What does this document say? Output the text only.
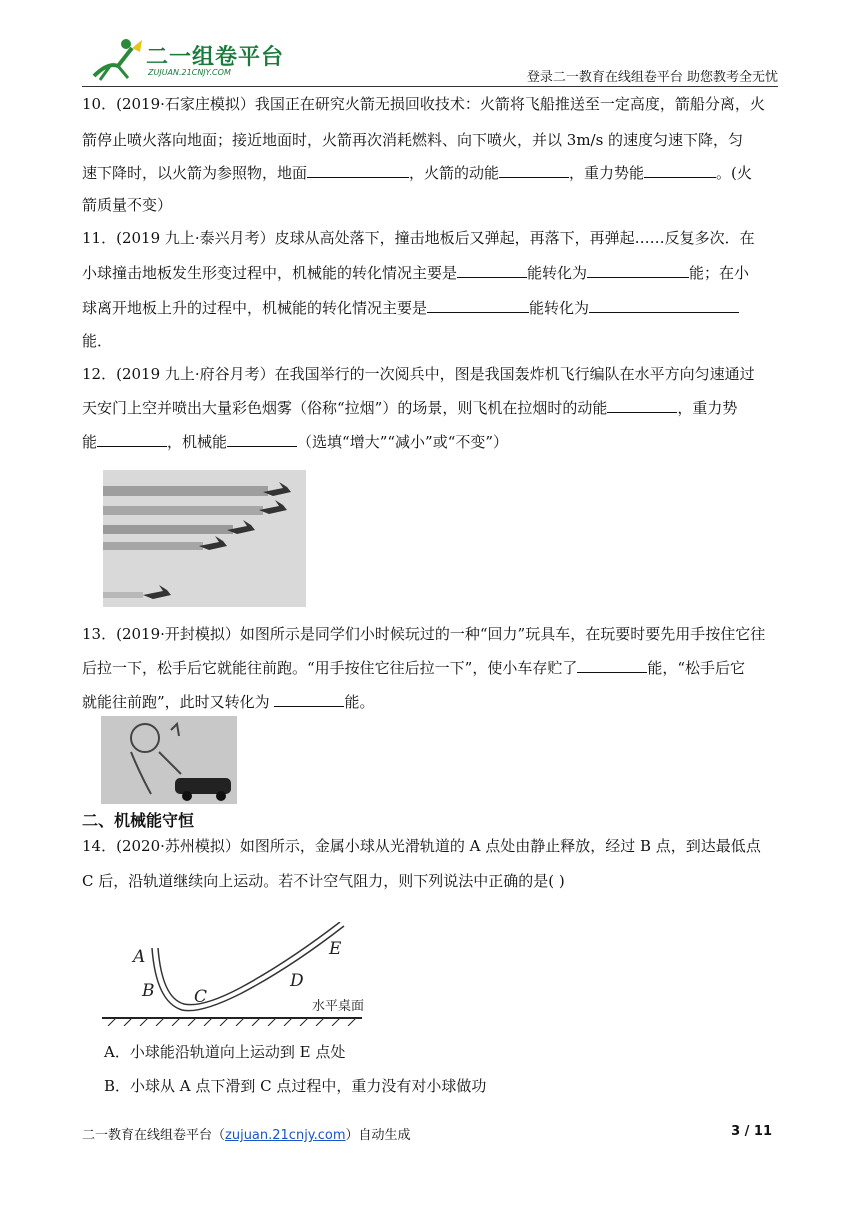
二一组卷平台
ZUJUAN.21CNJY.COM	登录二一教育在线组卷平台 助您教考全无忧
10．(2019·石家庄模拟）我国正在研究火箭无损回收技术：火箭将飞船推送至一定高度，箭船分离，火
箭停止喷火落向地面；接近地面时，火箭再次消耗燃料、向下喷火，并以 3m/s 的速度匀速下降，匀
速下降时，以火箭为参照物，地面	，火箭的动能	，重力势能	。(火
箭质量不变）
11．(2019 九上·泰兴月考）皮球从高处落下，撞击地板后又弹起，再落下，再弹起……反复多次．在
小球撞击地板发生形变过程中，机械能的转化情况主要是	能转化为	能；在小
球离开地板上升的过程中，机械能的转化情况主要是	能转化为
能．
12．(2019 九上·府谷月考）在我国举行的一次阅兵中，图是我国轰炸机飞行编队在水平方向匀速通过
天安门上空并喷出大量彩色烟雾（俗称“拉烟”）的场景，则飞机在拉烟时的动能	，重力势
能	，机械能	（选填“增大”“减小”或“不变”）
13．(2019·开封模拟）如图所示是同学们小时候玩过的一种“回力”玩具车，在玩要时要先用手按住它往
后拉一下，松手后它就能往前跑。“用手按住它往后拉一下”，使小车存贮了	能，“松手后它
就能往前跑”，此时又转化为	能。
二、机械能守恒
14．(2020·苏州模拟）如图所示，金属小球从光滑轨道的 A 点处由静止释放，经过 B 点，到达最低点
C 后，沿轨道继续向上运动。若不计空气阻力，则下列说法中正确的是( )
A
B C
D
E
水平桌面
A．小球能沿轨道向上运动到 E 点处
B．小球从 A 点下滑到 C 点过程中，重力没有对小球做功
二一教育在线组卷平台（zujuan.21cnjy.com）自动生成	3 / 11
